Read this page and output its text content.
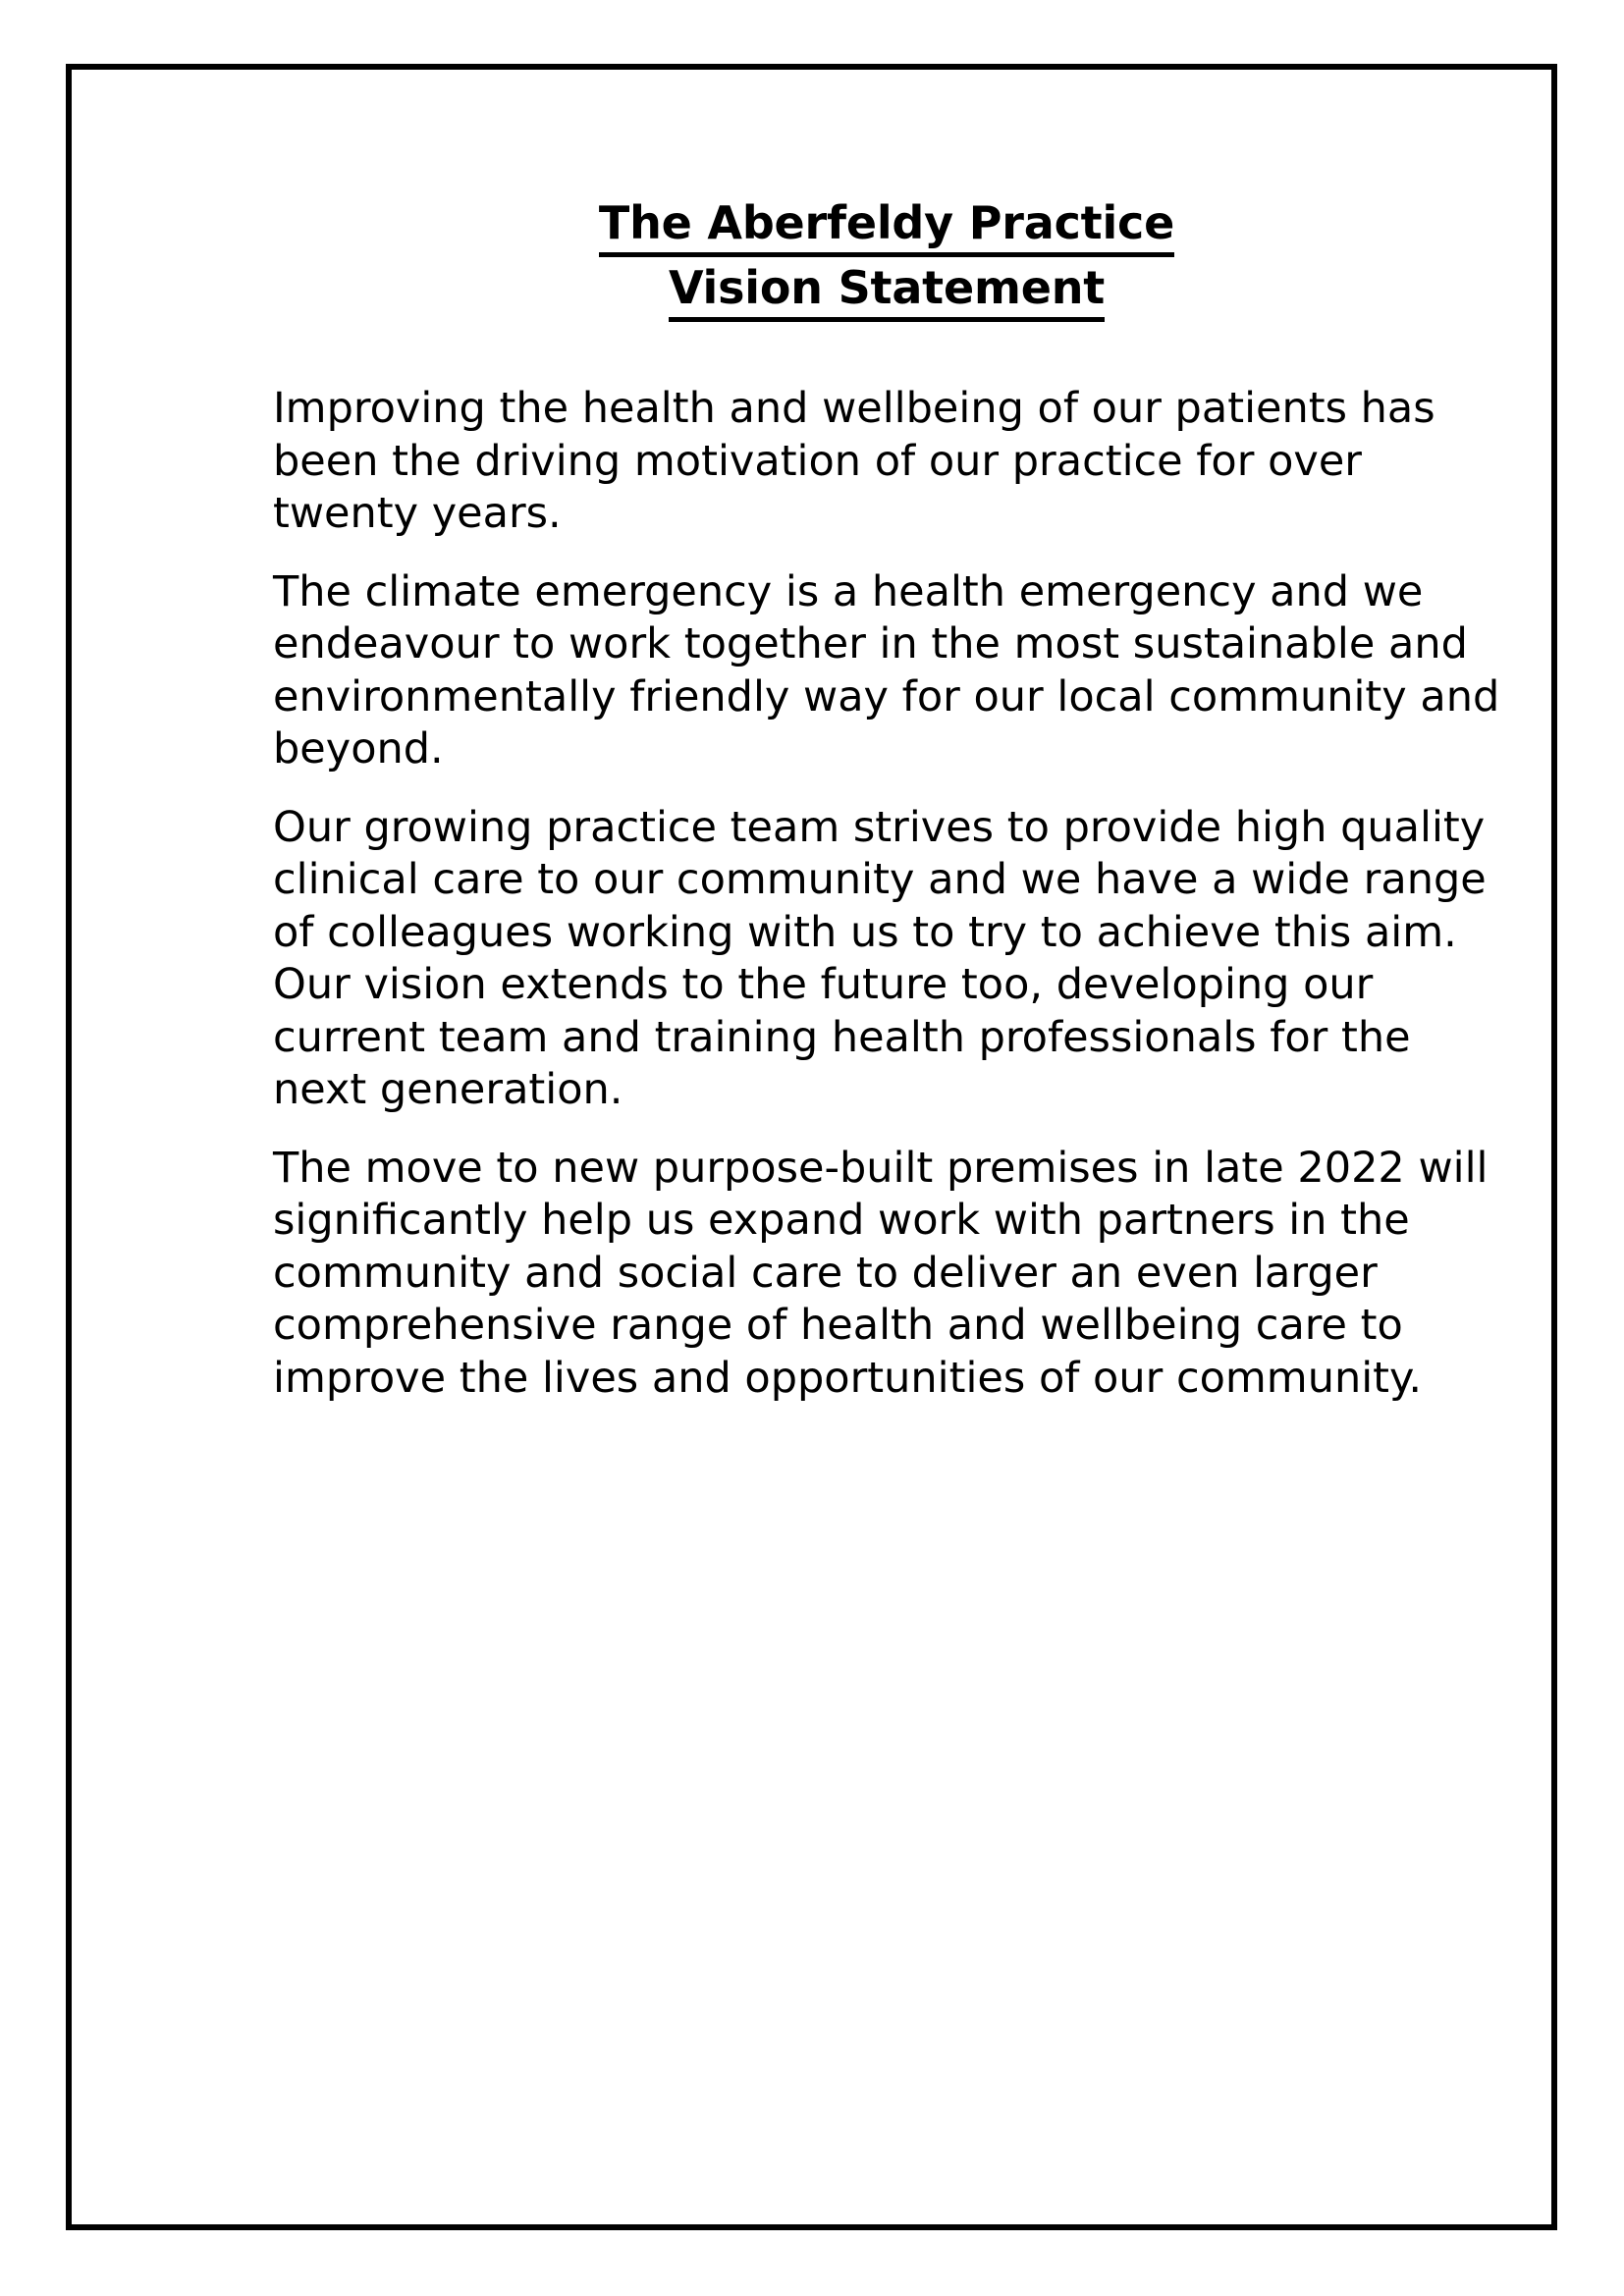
The Aberfeldy Practice
Vision Statement

Improving the health and wellbeing of our patients has been the driving motivation of our practice for over twenty years.

The climate emergency is a health emergency and we endeavour to work together in the most sustainable and environmentally friendly way for our local community and beyond.

Our growing practice team strives to provide high quality clinical care to our community and we have a wide range of colleagues working with us to try to achieve this aim. Our vision extends to the future too, developing our current team and training health professionals for the next generation.

The move to new purpose-built premises in late 2022 will significantly help us expand work with partners in the community and social care to deliver an even larger comprehensive range of health and wellbeing care to improve the lives and opportunities of our community.
